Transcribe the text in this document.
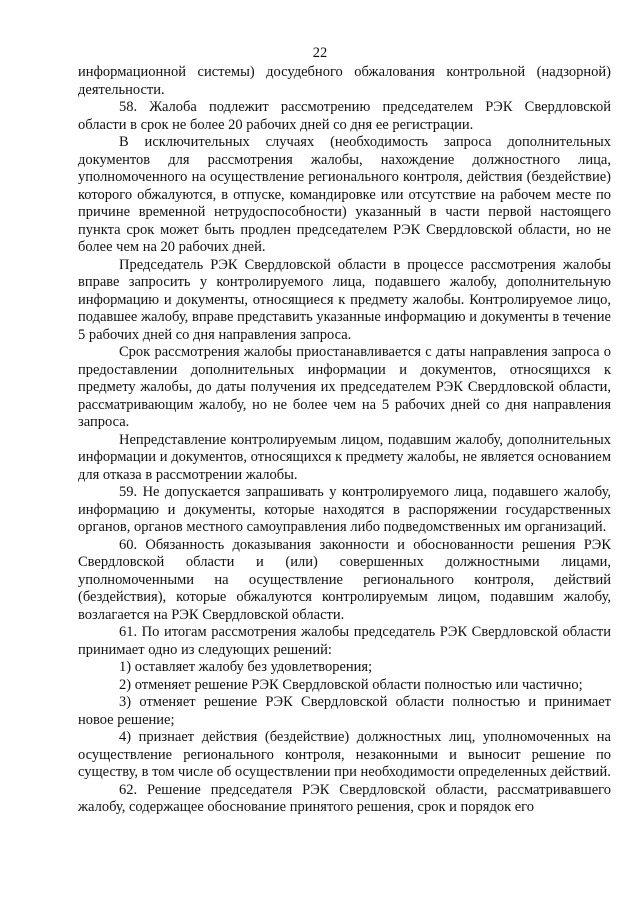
22

информационной системы) досудебного обжалования контрольной (надзорной) деятельности.

58. Жалоба подлежит рассмотрению председателем РЭК Свердловской области в срок не более 20 рабочих дней со дня ее регистрации.

В исключительных случаях (необходимость запроса дополнительных документов для рассмотрения жалобы, нахождение должностного лица, уполномоченного на осуществление регионального контроля, действия (бездействие) которого обжалуются, в отпуске, командировке или отсутствие на рабочем месте по причине временной нетрудоспособности) указанный в части первой настоящего пункта срок может быть продлен председателем РЭК Свердловской области, но не более чем на 20 рабочих дней.

Председатель РЭК Свердловской области в процессе рассмотрения жалобы вправе запросить у контролируемого лица, подавшего жалобу, дополнительную информацию и документы, относящиеся к предмету жалобы. Контролируемое лицо, подавшее жалобу, вправе представить указанные информацию и документы в течение 5 рабочих дней со дня направления запроса.

Срок рассмотрения жалобы приостанавливается с даты направления запроса о предоставлении дополнительных информации и документов, относящихся к предмету жалобы, до даты получения их председателем РЭК Свердловской области, рассматривающим жалобу, но не более чем на 5 рабочих дней со дня направления запроса.

Непредставление контролируемым лицом, подавшим жалобу, дополнительных информации и документов, относящихся к предмету жалобы, не является основанием для отказа в рассмотрении жалобы.

59. Не допускается запрашивать у контролируемого лица, подавшего жалобу, информацию и документы, которые находятся в распоряжении государственных органов, органов местного самоуправления либо подведомственных им организаций.

60. Обязанность доказывания законности и обоснованности решения РЭК Свердловской области и (или) совершенных должностными лицами, уполномоченными на осуществление регионального контроля, действий (бездействия), которые обжалуются контролируемым лицом, подавшим жалобу, возлагается на РЭК Свердловской области.

61. По итогам рассмотрения жалобы председатель РЭК Свердловской области принимает одно из следующих решений:

1) оставляет жалобу без удовлетворения;

2) отменяет решение РЭК Свердловской области полностью или частично;

3) отменяет решение РЭК Свердловской области полностью и принимает новое решение;

4) признает действия (бездействие) должностных лиц, уполномоченных на осуществление регионального контроля, незаконными и выносит решение по существу, в том числе об осуществлении при необходимости определенных действий.

62. Решение председателя РЭК Свердловской области, рассматривавшего жалобу, содержащее обоснование принятого решения, срок и порядок его
